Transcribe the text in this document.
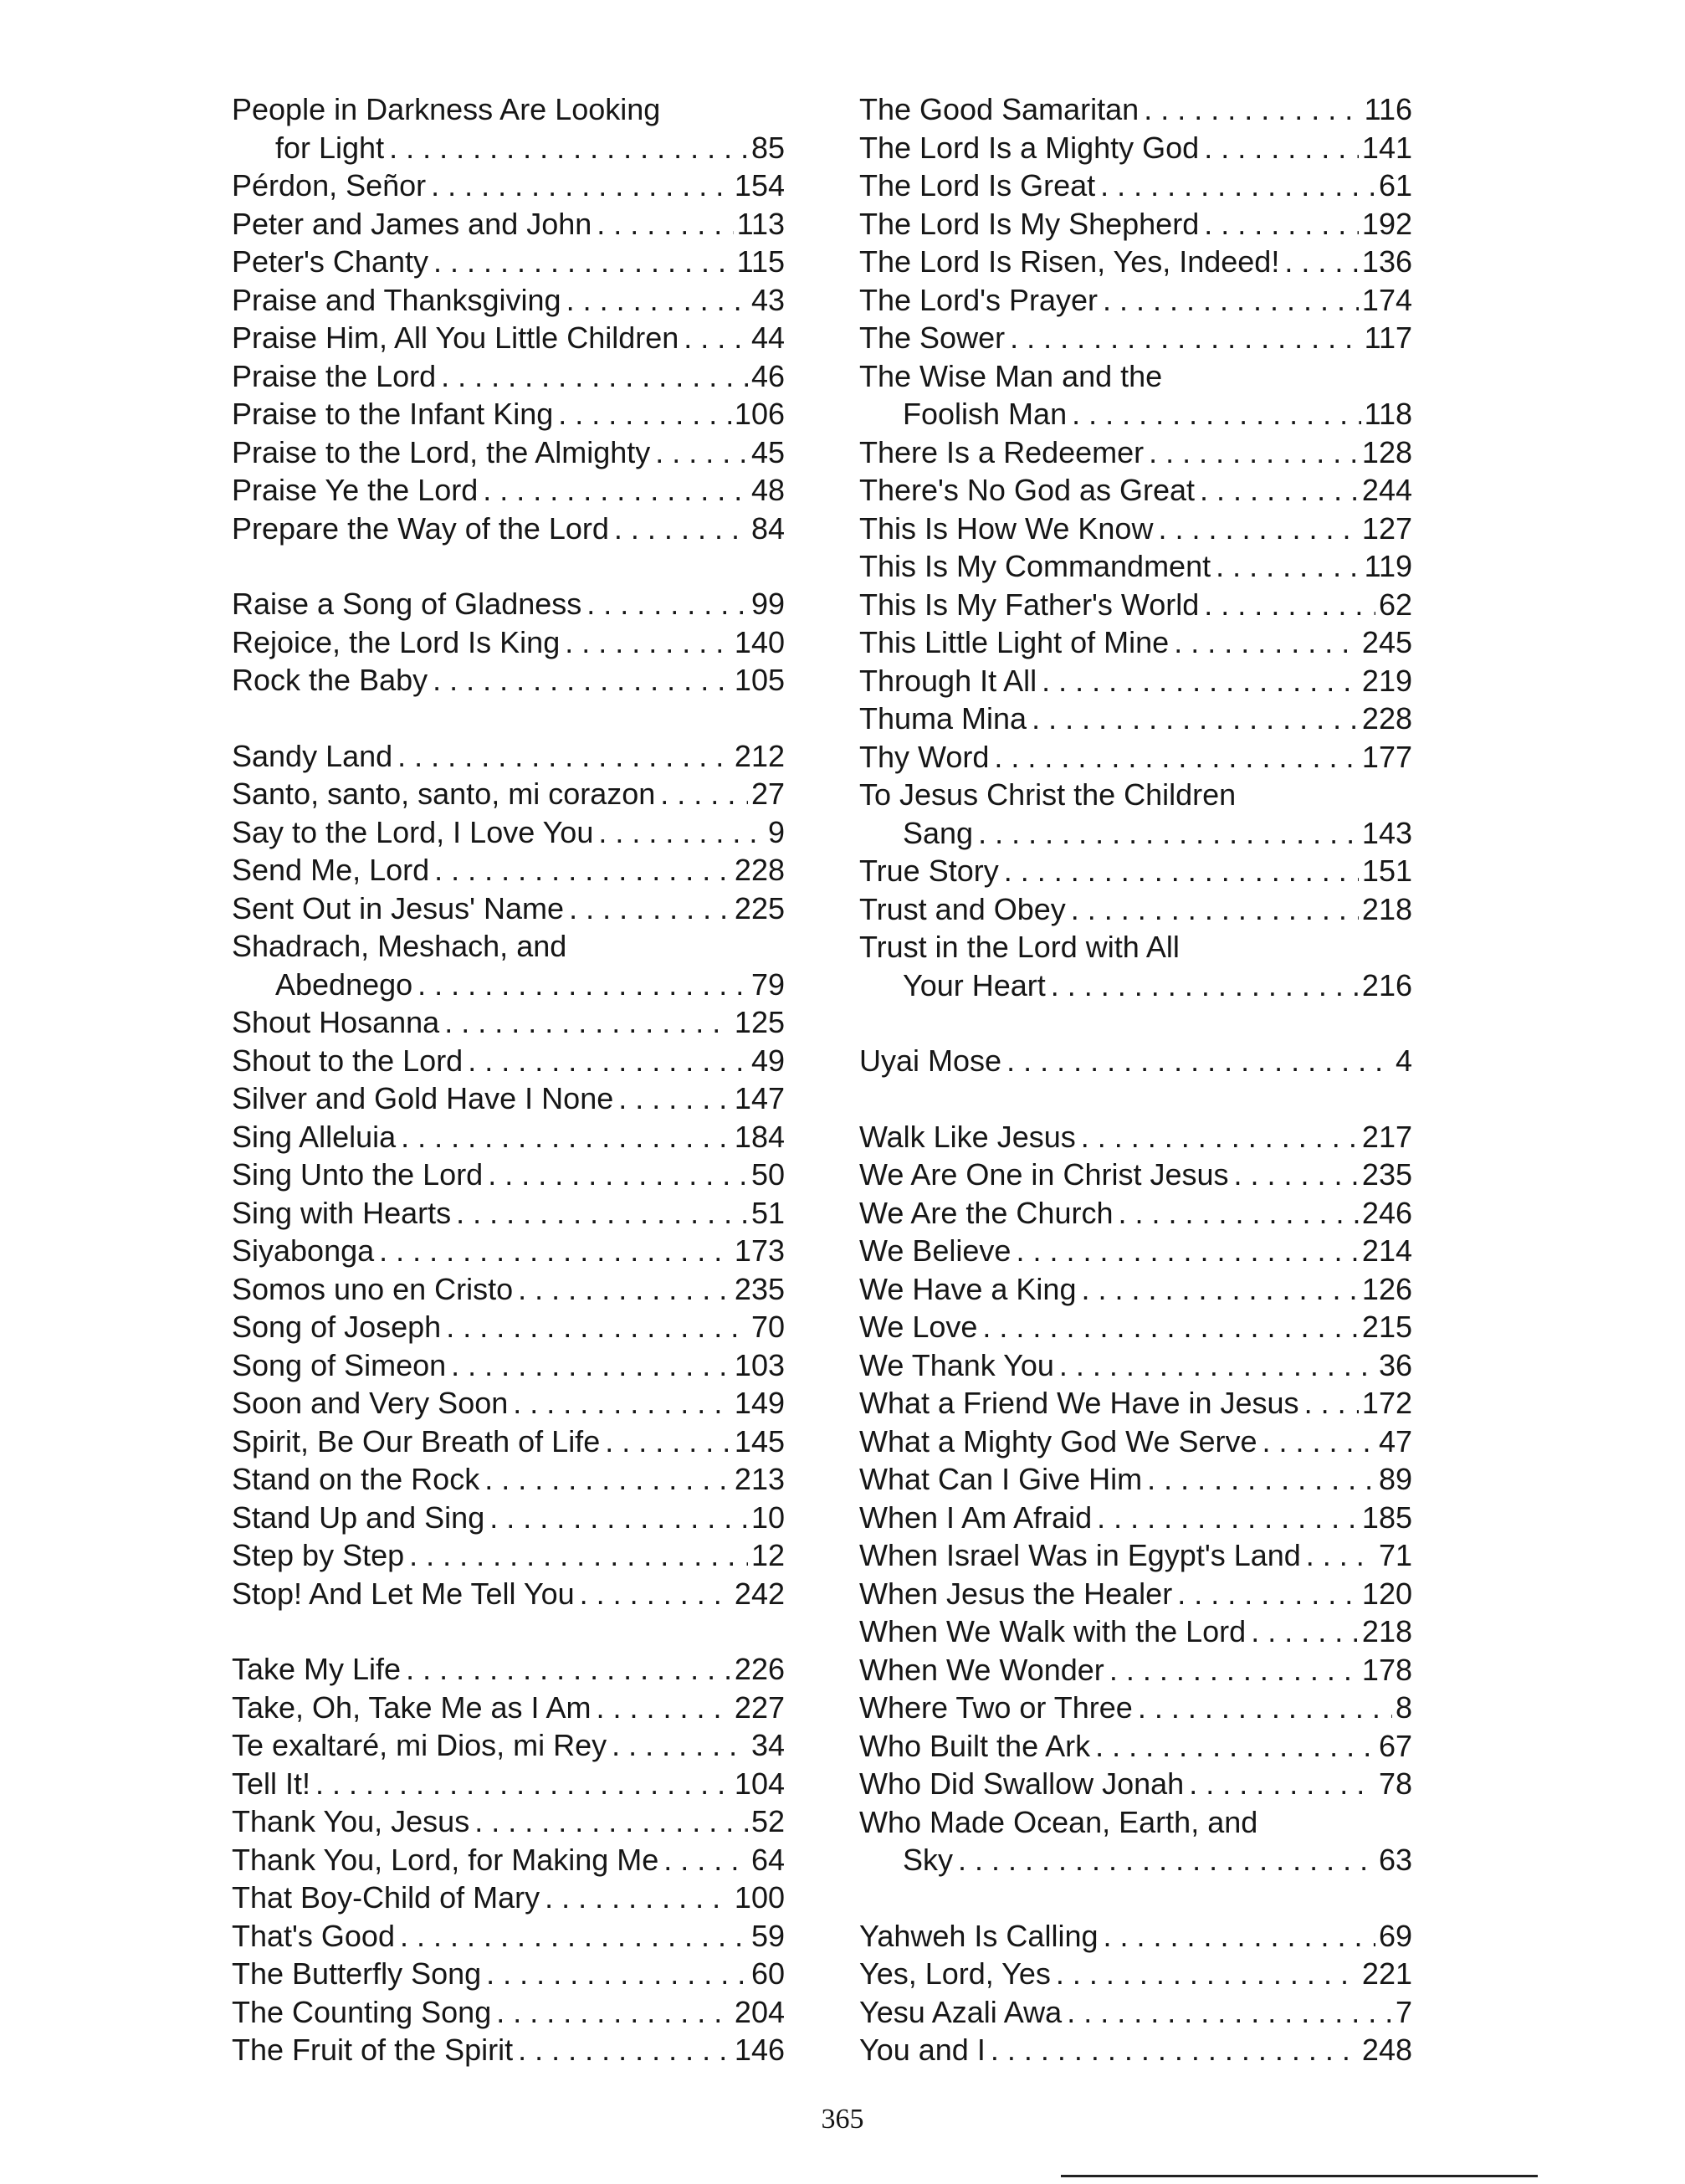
People in Darkness Are Looking
for Light . . .	85
Pérdon, Señor . . .	154
Peter and James and John . . .	113
Peter's Chanty . . .	115
Praise and Thanksgiving . . .	43
Praise Him, All You Little Children . . . 44
Praise the Lord . . .	46
Praise to the Infant King . . .	106
Praise to the Lord, the Almighty . . .	45
Praise Ye the Lord . . .	48
Prepare the Way of the Lord . . .	84
Raise a Song of Gladness . . .	99
Rejoice, the Lord Is King . . .	140
Rock the Baby . . .	105
Sandy Land . . .	212
Santo, santo, santo, mi corazon . . .	27
Say to the Lord, I Love You . . .	9
Send Me, Lord . . .	228
Sent Out in Jesus' Name . . .	225
Shadrach, Meshach, and
Abednego . . .	79
Shout Hosanna . . .	125
Shout to the Lord . . .	49
Silver and Gold Have I None . . .	147
Sing Alleluia . . .	184
Sing Unto the Lord . . .	50
Sing with Hearts . . .	51
Siyabonga . . .	173
Somos uno en Cristo . . .	235
Song of Joseph . . .	70
Song of Simeon . . .	103
Soon and Very Soon . . .	149
Spirit, Be Our Breath of Life . . .	145
Stand on the Rock . . .	213
Stand Up and Sing . . .	10
Step by Step . . .	12
Stop! And Let Me Tell You . . .	242
Take My Life . . .	226
Take, Oh, Take Me as I Am . . .	227
Te exaltaré, mi Dios, mi Rey . . .	34
Tell It! . . .	104
Thank You, Jesus . . .	52
Thank You, Lord, for Making Me . . .	64
That Boy-Child of Mary . . .	100
That's Good . . .	59
The Butterfly Song . . .	60
The Counting Song . . .	204
The Fruit of the Spirit . . .	146
The Good Samaritan . . .	116
The Lord Is a Mighty God . . .	141
The Lord Is Great . . .	61
The Lord Is My Shepherd . . .	192
The Lord Is Risen, Yes, Indeed! . . .	136
The Lord's Prayer . . .	174
The Sower . . .	117
The Wise Man and the
Foolish Man . . .	118
There Is a Redeemer . . .	128
There's No God as Great . . .	244
This Is How We Know . . .	127
This Is My Commandment . . .	119
This Is My Father's World . . .	62
This Little Light of Mine . . .	245
Through It All . . .	219
Thuma Mina . . .	228
Thy Word . . .	177
To Jesus Christ the Children
Sang . . .	143
True Story . . .	151
Trust and Obey . . .	218
Trust in the Lord with All
Your Heart . . .	216
Uyai Mose . . .	4
Walk Like Jesus . . .	217
We Are One in Christ Jesus . . .	235
We Are the Church . . .	246
We Believe . . .	214
We Have a King . . .	126
We Love . . .	215
We Thank You . . .	36
What a Friend We Have in Jesus . . . 172
What a Mighty God We Serve . . .	47
What Can I Give Him . . .	89
When I Am Afraid . . .	185
When Israel Was in Egypt's Land . . .	71
When Jesus the Healer . . .	120
When We Walk with the Lord . . .	218
When We Wonder . . .	178
Where Two or Three . . .	8
Who Built the Ark . . .	67
Who Did Swallow Jonah . . .	78
Who Made Ocean, Earth, and
Sky . . .	63
Yahweh Is Calling . . .	69
Yes, Lord, Yes . . .	221
Yesu Azali Awa . . .	7
You and I . . .	248
365
